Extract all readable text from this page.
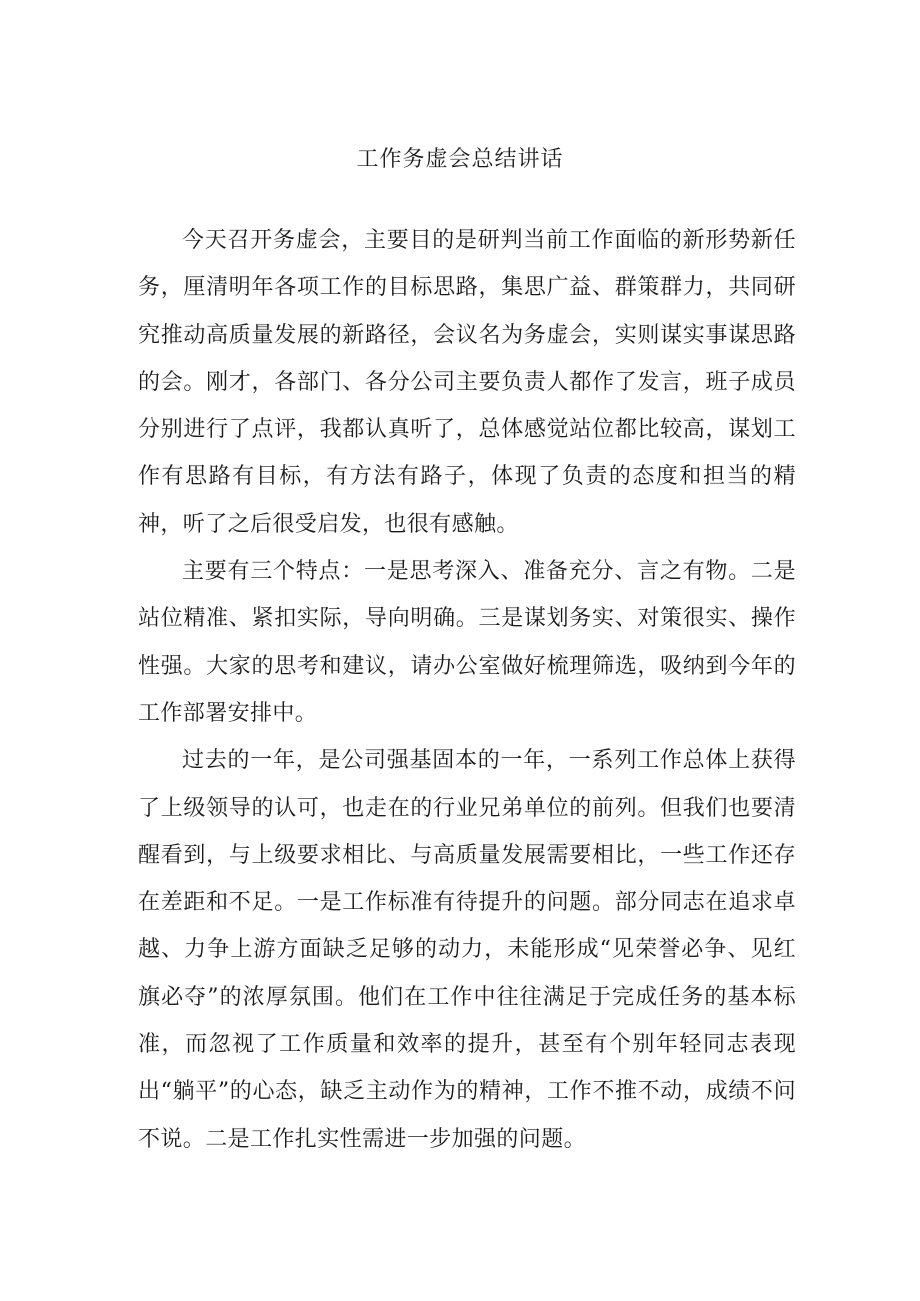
工作务虚会总结讲话

今天召开务虚会，主要目的是研判当前工作面临的新形势新任务，厘清明年各项工作的目标思路，集思广益、群策群力，共同研究推动高质量发展的新路径，会议名为务虚会，实则谋实事谋思路的会。刚才，各部门、各分公司主要负责人都作了发言，班子成员分别进行了点评，我都认真听了，总体感觉站位都比较高，谋划工作有思路有目标，有方法有路子，体现了负责的态度和担当的精神，听了之后很受启发，也很有感触。

主要有三个特点：一是思考深入、准备充分、言之有物。二是站位精准、紧扣实际，导向明确。三是谋划务实、对策很实、操作性强。大家的思考和建议，请办公室做好梳理筛选，吸纳到今年的工作部署安排中。

过去的一年，是公司强基固本的一年，一系列工作总体上获得了上级领导的认可，也走在的行业兄弟单位的前列。但我们也要清醒看到，与上级要求相比、与高质量发展需要相比，一些工作还存在差距和不足。一是工作标准有待提升的问题。部分同志在追求卓越、力争上游方面缺乏足够的动力，未能形成“见荣誉必争、见红旗必夺”的浓厚氛围。他们在工作中往往满足于完成任务的基本标准，而忽视了工作质量和效率的提升，甚至有个别年轻同志表现出“躺平”的心态，缺乏主动作为的精神，工作不推不动，成绩不问不说。二是工作扎实性需进一步加强的问题。
